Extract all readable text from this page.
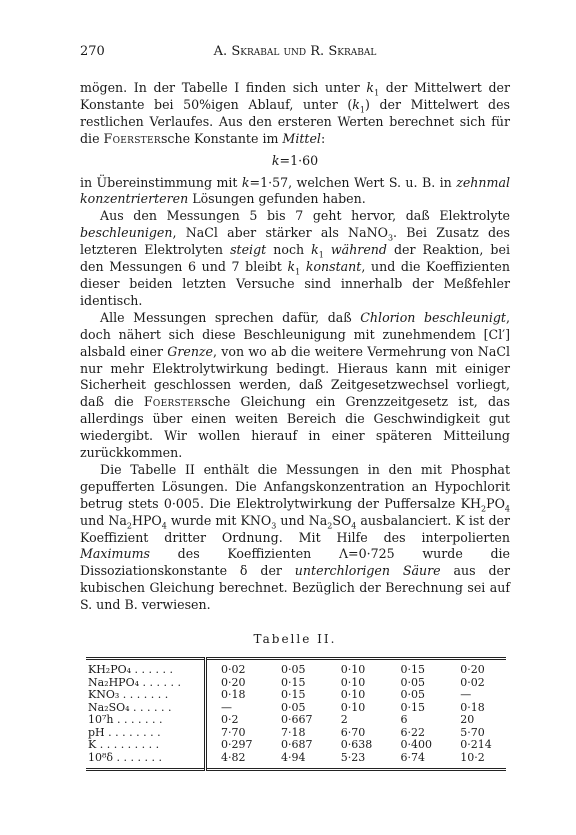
270	A. Skrabal und R. Skrabal

mögen. In der Tabelle I finden sich unter $k_1$ der Mittelwert der Konstante bei 50%igen Ablauf, unter $(k_1)$ der Mittelwert des restlichen Verlaufes. Aus den ersteren Werten berechnet sich für die Foerstersche Konstante im Mittel:

k=1·60

in Übereinstimmung mit k=1·57, welchen Wert S. u. B. in zehnmal konzentrierteren Lösungen gefunden haben.

Aus den Messungen 5 bis 7 geht hervor, daß Elektrolyte beschleunigen, NaCl aber stärker als NaNO$_3$. Bei Zusatz des letzteren Elektrolyten steigt noch $k_1$ während der Reaktion, bei den Messungen 6 und 7 bleibt $k_1$ konstant, und die Koeffizienten dieser beiden letzten Versuche sind innerhalb der Meßfehler identisch.

Alle Messungen sprechen dafür, daß Chlorion beschleunigt, doch nähert sich diese Beschleunigung mit zunehmendem [Cl′] alsbald einer Grenze, von wo ab die weitere Vermehrung von NaCl nur mehr Elektrolytwirkung bedingt. Hieraus kann mit einiger Sicherheit geschlossen werden, daß Zeitgesetzwechsel vorliegt, daß die Foerstersche Gleichung ein Grenzzeitgesetz ist, das allerdings über einen weiten Bereich die Geschwindigkeit gut wiedergibt. Wir wollen hierauf in einer späteren Mitteilung zurückkommen.

Die Tabelle II enthält die Messungen in den mit Phosphat gepufferten Lösungen. Die Anfangskonzentration an Hypochlorit betrug stets 0·005. Die Elektrolytwirkung der Puffersalze $KH_2PO_4$ und $Na_2HPO_4$ wurde mit $KNO_3$ und $Na_2SO_4$ ausbalanciert. K ist der Koeffizient dritter Ordnung. Mit Hilfe des interpolierten Maximums des Koeffizienten Λ=0·725 wurde die Dissoziationskonstante δ der unterchlorigen Säure aus der kubischen Gleichung berechnet. Bezüglich der Berechnung sei auf S. und B. verwiesen.

Tabelle II.
KH₂PO₄ . . . . . .	0·02	0·05	0·10	0·15	0·20
Na₂HPO₄ . . . . . .	0·20	0·15	0·10	0·05	0·02
KNO₃ . . . . . . .	0·18	0·15	0·10	0·05	—
Na₂SO₄ . . . . . .	—	0·05	0·10	0·15	0·18
10⁷h . . . . . . .	0·2	0·667	2	6	20
pH . . . . . . . .	7·70	7·18	6·70	6·22	5·70
K . . . . . . . . .	0·297	0·687	0·638	0·400	0·214
10⁸δ . . . . . . .	4·82	4·94	5·23	6·74	10·2
